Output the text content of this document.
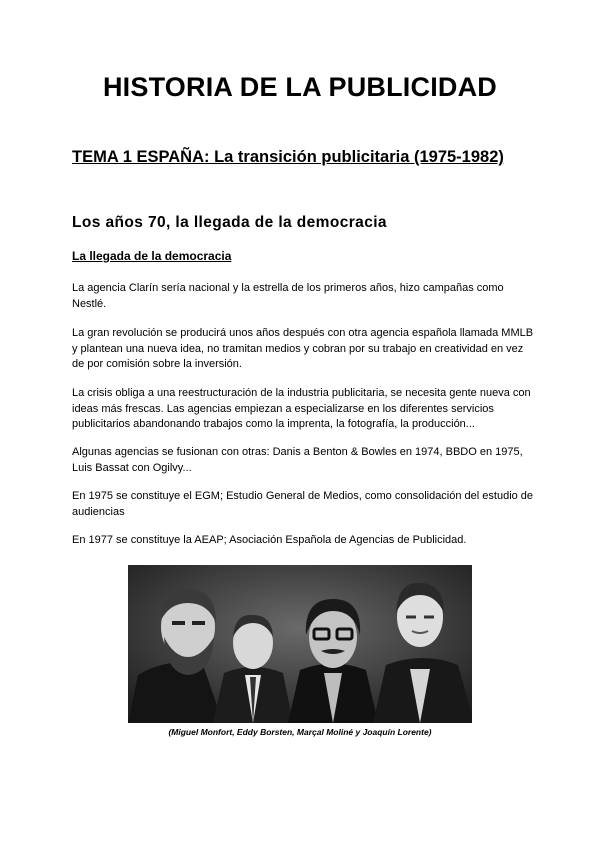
HISTORIA DE LA PUBLICIDAD
TEMA 1 ESPAÑA: La transición publicitaria (1975-1982)
Los años 70, la llegada de la democracia
La llegada de la democracia

La agencia Clarín sería nacional y la estrella de los primeros años, hizo campañas como Nestlé.

La gran revolución se producirá unos años después con otra agencia española llamada MMLB y plantean una nueva idea, no tramitan medios y cobran por su trabajo en creatividad en vez de por comisión sobre la inversión.

La crisis obliga a una reestructuración de la industria publicitaria, se necesita gente nueva con ideas más frescas. Las agencias empiezan a especializarse en los diferentes servicios publicitarios abandonando trabajos como la imprenta, la fotografía, la producción...

Algunas agencias se fusionan con otras: Danis a Benton & Bowles en 1974, BBDO en 1975, Luis Bassat con Ogilvy...

En 1975 se constituye el EGM; Estudio General de Medios, como consolidación del estudio de audiencias

En 1977 se constituye la AEAP; Asociación Española de Agencias de Publicidad.

(Miguel Monfort, Eddy Borsten, Marçal Moliné y Joaquín Lorente)
